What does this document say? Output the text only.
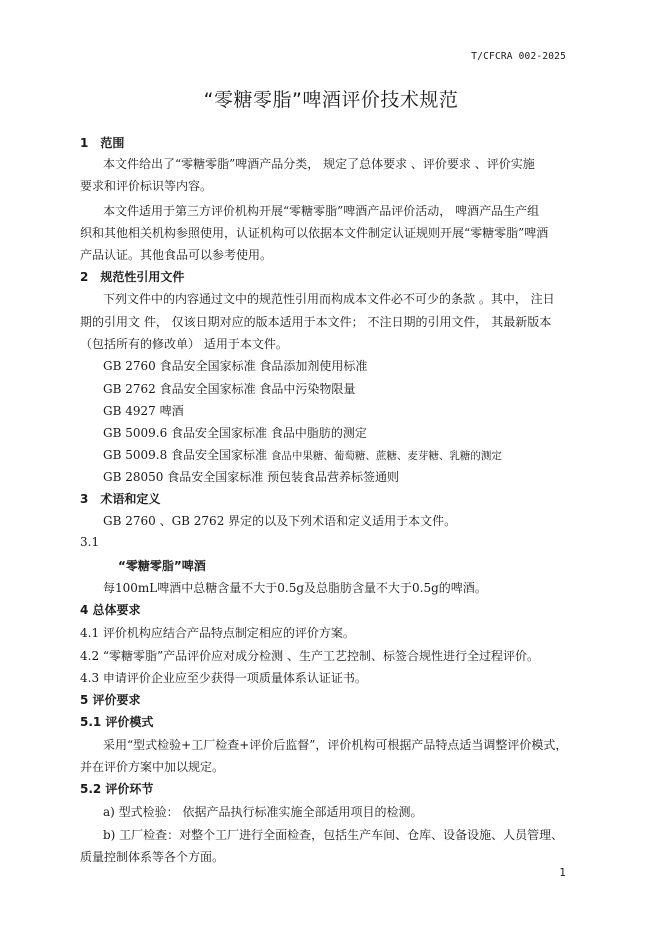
T/CFCRA 002-2025
“零糖零脂”啤酒评价技术规范
1　范围
本文件给出了“零糖零脂”啤酒产品分类， 规定了总体要求 、评价要求 、评价实施
要求和评价标识等内容。
本文件适用于第三方评价机构开展“零糖零脂”啤酒产品评价活动， 啤酒产品生产组
织和其他相关机构参照使用，认证机构可以依据本文件制定认证规则开展“零糖零脂”啤酒
产品认证。其他食品可以参考使用。
2　规范性引用文件
下列文件中的内容通过文中的规范性引用而构成本文件必不可少的条款 。其中， 注日
期的引用文 件， 仅该日期对应的版本适用于本文件； 不注日期的引用文件， 其最新版本
（包括所有的修改单） 适用于本文件。
GB 2760 食品安全国家标准 食品添加剂使用标准
GB 2762 食品安全国家标准 食品中污染物限量
GB 4927 啤酒
GB 5009.6 食品安全国家标准 食品中脂肪的测定
GB 5009.8 食品安全国家标准 食品中果糖、葡萄糖、蔗糖、麦芽糖、乳糖的测定
GB 28050 食品安全国家标准 预包装食品营养标签通则
3　术语和定义
GB 2760 、GB 2762 界定的以及下列术语和定义适用于本文件。
3.1
“零糖零脂”啤酒
每100mL啤酒中总糖含量不大于0.5g及总脂肪含量不大于0.5g的啤酒。
4 总体要求
4.1 评价机构应结合产品特点制定相应的评价方案。
4.2 “零糖零脂”产品评价应对成分检测 、生产工艺控制、标签合规性进行全过程评价。
4.3 申请评价企业应至少获得一项质量体系认证证书。
5 评价要求
5.1 评价模式
采用“型式检验+工厂检查+评价后监督”，评价机构可根据产品特点适当调整评价模式，
并在评价方案中加以规定。
5.2 评价环节
a) 型式检验： 依据产品执行标准实施全部适用项目的检测。
b) 工厂检查：对整个工厂进行全面检查，包括生产车间、仓库、设备设施、人员管理、
质量控制体系等各个方面。
1
